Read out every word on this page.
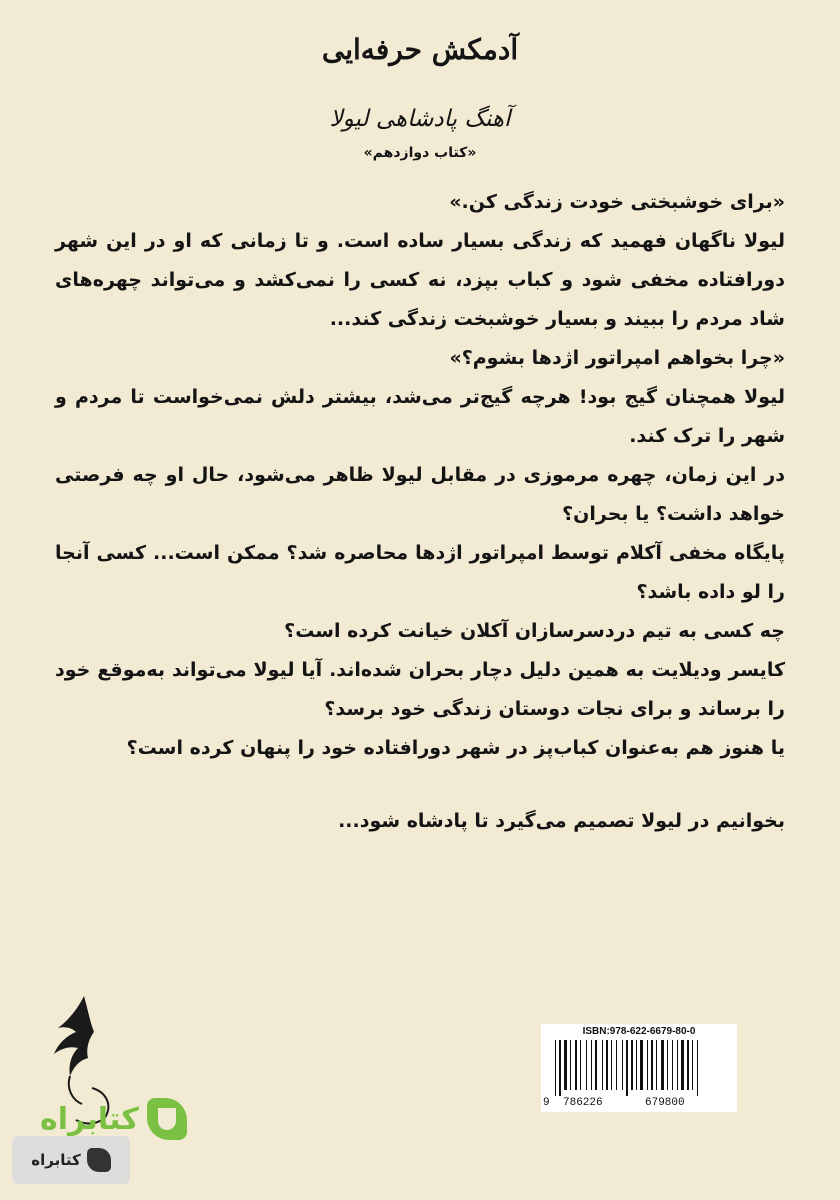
آدمکش حرفه‌ایی

آهنگ پادشاهی لیولا

«کتاب دوازدهم»

«برای خوشبختی خودت زندگی کن.»

لیولا ناگهان فهمید که زندگی بسیار ساده است. و تا زمانی که او در این شهر دورافتاده مخفی شود و کباب بپزد، نه کسی را نمی‌کشد و می‌تواند چهره‌های شاد مردم را ببیند و بسیار خوشبخت زندگی کند...

«چرا بخواهم امپراتور اژدها بشوم؟»

لیولا همچنان گیج بود! هرچه گیج‌تر می‌شد، بیشتر دلش نمی‌خواست تا مردم و شهر را ترک کند.

در این زمان، چهره مرموزی در مقابل لیولا ظاهر می‌شود، حال او چه فرصتی خواهد داشت؟ یا بحران؟

پایگاه مخفی آکلام توسط امپراتور اژدها محاصره شد؟ ممکن است... کسی آنجا را لو داده باشد؟

چه کسی به تیم دردسرسازان آکلان خیانت کرده است؟

کایسر ودیلایت به همین دلیل دچار بحران شده‌اند. آیا لیولا می‌تواند به‌موقع خود را برساند و برای نجات دوستان زندگی خود برسد؟

یا هنوز هم به‌عنوان کباب‌پز در شهر دورافتاده خود را پنهان کرده است؟

بخوانیم در لیولا تصمیم می‌گیرد تا پادشاه شود...

ISBN:978-622-6679-80-0
9 786226	679800
کتابراه
کتابراه
